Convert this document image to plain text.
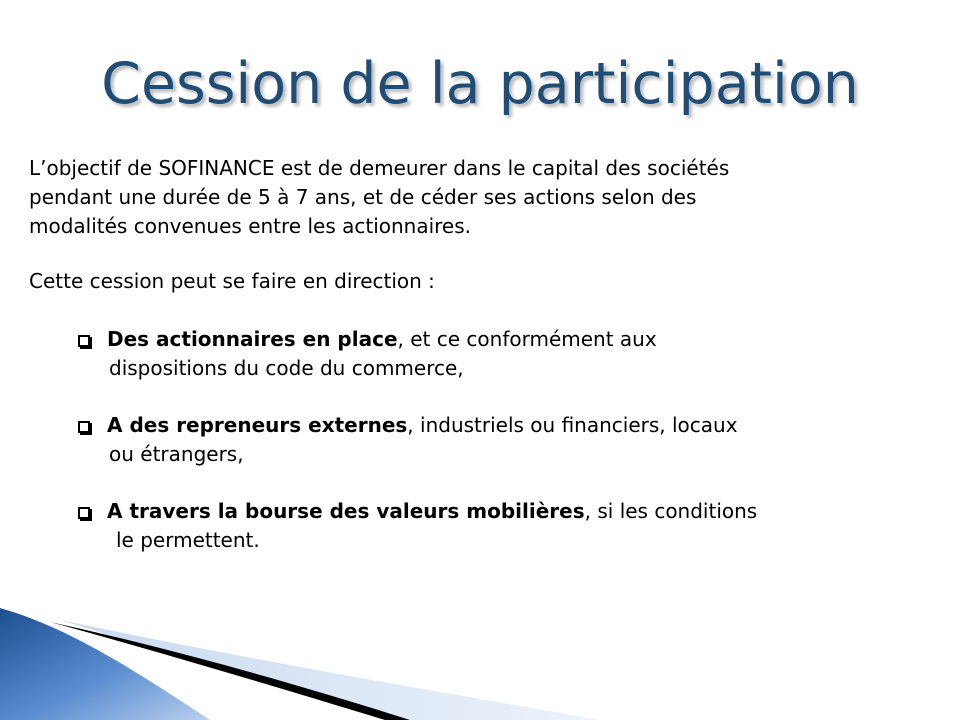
Cession de la participation
L’objectif de SOFINANCE est de demeurer dans le capital des sociétés
pendant une durée de 5 à 7 ans, et de céder ses actions selon des
modalités convenues entre les actionnaires.
Cette cession peut se faire en direction :
Des actionnaires en place, et ce conformément aux
dispositions du code du commerce,
A des repreneurs externes, industriels ou financiers, locaux
ou étrangers,
A travers la bourse des valeurs mobilières, si les conditions
le permettent.
